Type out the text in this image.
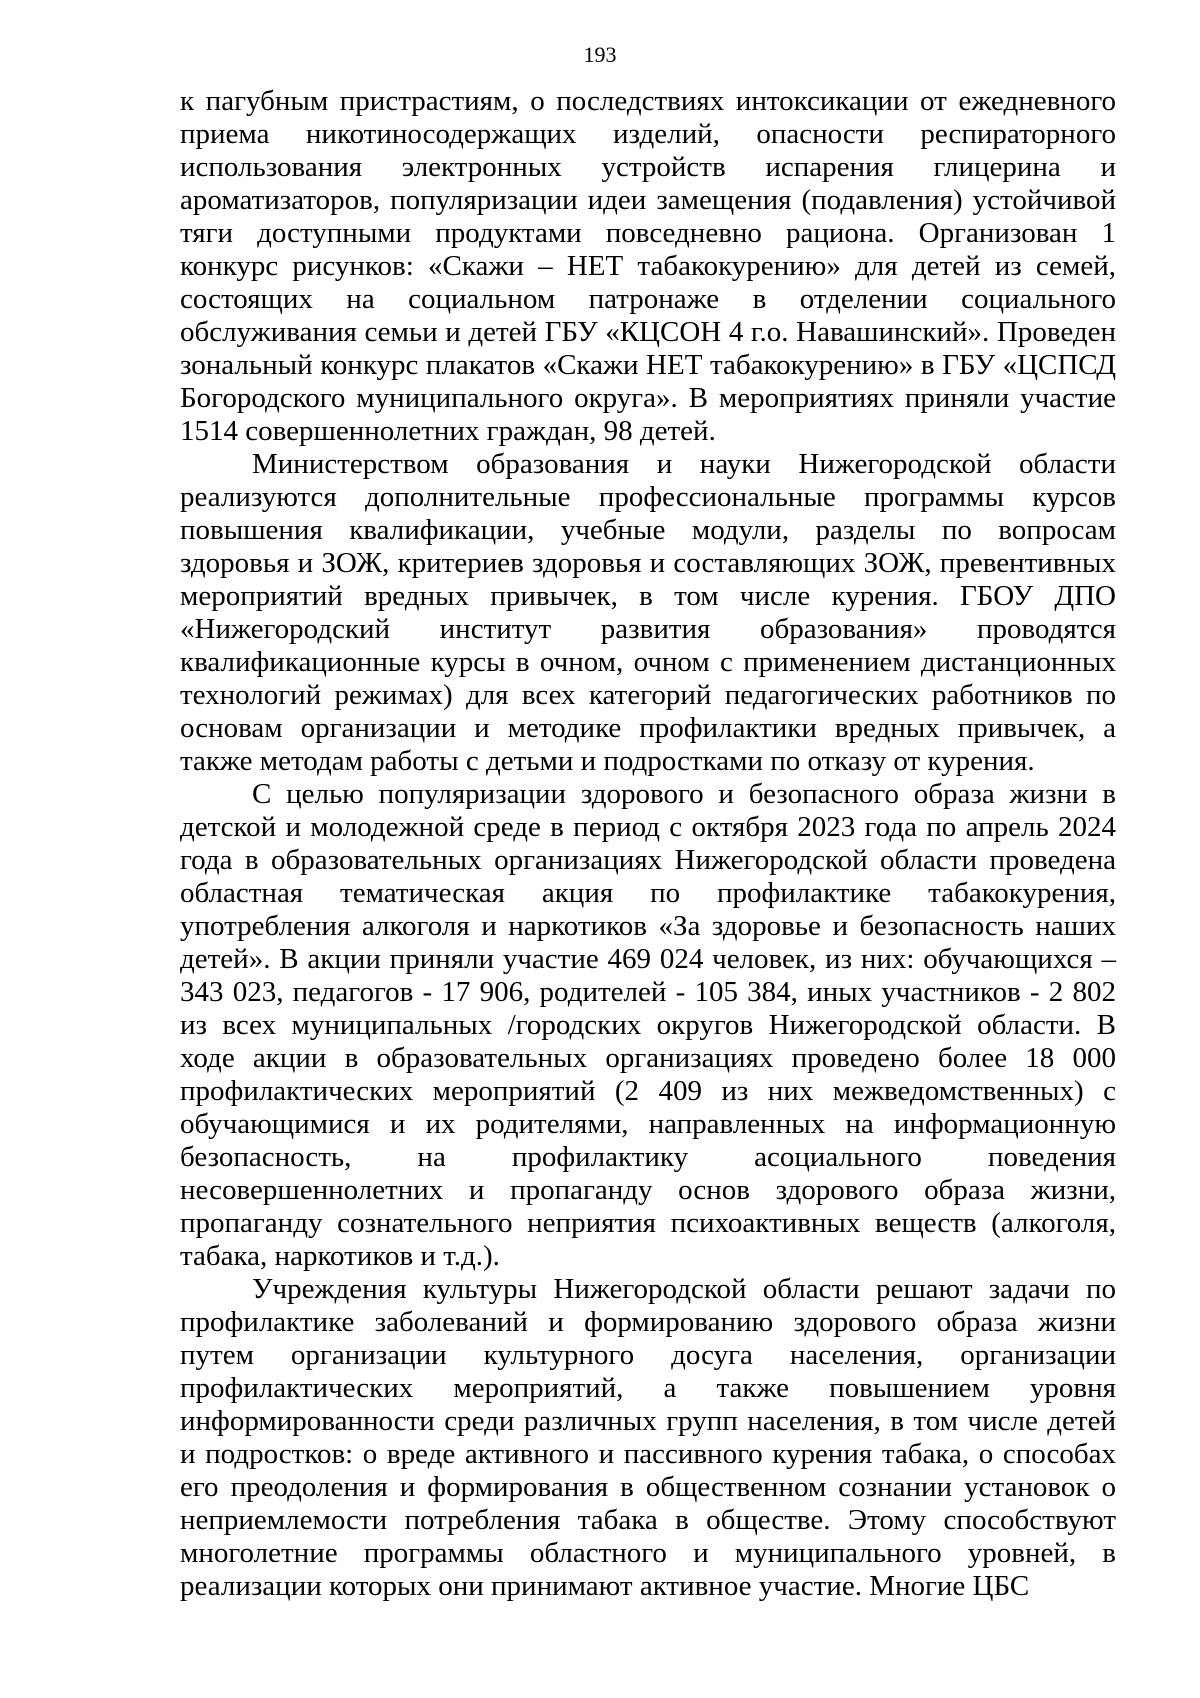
193

к пагубным пристрастиям, о последствиях интоксикации от ежедневного приема никотиносодержащих изделий, опасности респираторного использования электронных устройств испарения глицерина и ароматизаторов, популяризации идеи замещения (подавления) устойчивой тяги доступными продуктами повседневно рациона. Организован 1 конкурс рисунков: «Скажи – НЕТ табакокурению» для детей из семей, состоящих на социальном патронаже в отделении социального обслуживания семьи и детей ГБУ «КЦСОН 4 г.о. Навашинский». Проведен зональный конкурс плакатов «Скажи НЕТ табакокурению» в ГБУ «ЦСПСД Богородского муниципального округа». В мероприятиях приняли участие 1514 совершеннолетних граждан, 98 детей.

Министерством образования и науки Нижегородской области реализуются дополнительные профессиональные программы курсов повышения квалификации, учебные модули, разделы по вопросам здоровья и ЗОЖ, критериев здоровья и составляющих ЗОЖ, превентивных мероприятий вредных привычек, в том числе курения. ГБОУ ДПО «Нижегородский институт развития образования» проводятся квалификационные курсы в очном, очном с применением дистанционных технологий режимах) для всех категорий педагогических работников по основам организации и методике профилактики вредных привычек, а также методам работы с детьми и подростками по отказу от курения.

С целью популяризации здорового и безопасного образа жизни в детской и молодежной среде в период с октября 2023 года по апрель 2024 года в образовательных организациях Нижегородской области проведена областная тематическая акция по профилактике табакокурения, употребления алкоголя и наркотиков «За здоровье и безопасность наших детей». В акции приняли участие 469 024 человек, из них: обучающихся – 343 023, педагогов - 17 906, родителей - 105 384, иных участников - 2 802 из всех муниципальных /городских округов Нижегородской области. В ходе акции в образовательных организациях проведено более 18 000 профилактических мероприятий (2 409 из них межведомственных) с обучающимися и их родителями, направленных на информационную безопасность, на профилактику асоциального поведения несовершеннолетних и пропаганду основ здорового образа жизни, пропаганду сознательного неприятия психоактивных веществ (алкоголя, табака, наркотиков и т.д.).

Учреждения культуры Нижегородской области решают задачи по профилактике заболеваний и формированию здорового образа жизни путем организации культурного досуга населения, организации профилактических мероприятий, а также повышением уровня информированности среди различных групп населения, в том числе детей и подростков: о вреде активного и пассивного курения табака, о способах его преодоления и формирования в общественном сознании установок о неприемлемости потребления табака в обществе. Этому способствуют многолетние программы областного и муниципального уровней, в реализации которых они принимают активное участие. Многие ЦБС
